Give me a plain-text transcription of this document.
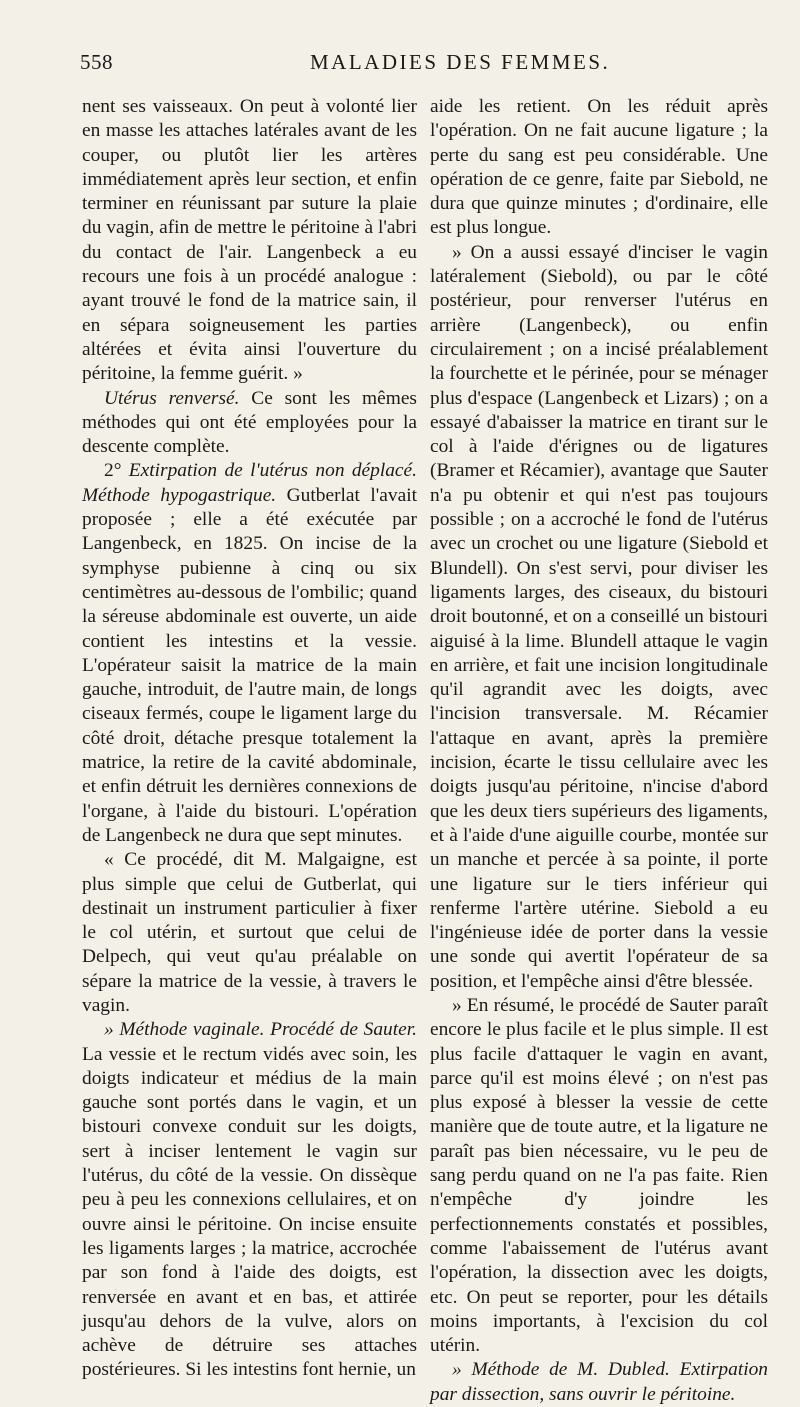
558	MALADIES DES FEMMES.

nent ses vaisseaux. On peut à volonté lier en masse les attaches latérales avant de les couper, ou plutôt lier les artères immédiatement après leur section, et enfin terminer en réunissant par suture la plaie du vagin, afin de mettre le péritoine à l'abri du contact de l'air. Langenbeck a eu recours une fois à un procédé analogue : ayant trouvé le fond de la matrice sain, il en sépara soigneusement les parties altérées et évita ainsi l'ouverture du péritoine, la femme guérit. »

Utérus renversé. Ce sont les mêmes méthodes qui ont été employées pour la descente complète.

2° Extirpation de l'utérus non déplacé. Méthode hypogastrique. Gutberlat l'avait proposée ; elle a été exécutée par Langenbeck, en 1825. On incise de la symphyse pubienne à cinq ou six centimètres au-dessous de l'ombilic; quand la séreuse abdominale est ouverte, un aide contient les intestins et la vessie. L'opérateur saisit la matrice de la main gauche, introduit, de l'autre main, de longs ciseaux fermés, coupe le ligament large du côté droit, détache presque totalement la matrice, la retire de la cavité abdominale, et enfin détruit les dernières connexions de l'organe, à l'aide du bistouri. L'opération de Langenbeck ne dura que sept minutes.

« Ce procédé, dit M. Malgaigne, est plus simple que celui de Gutberlat, qui destinait un instrument particulier à fixer le col utérin, et surtout que celui de Delpech, qui veut qu'au préalable on sépare la matrice de la vessie, à travers le vagin.

» Méthode vaginale. Procédé de Sauter. La vessie et le rectum vidés avec soin, les doigts indicateur et médius de la main gauche sont portés dans le vagin, et un bistouri convexe conduit sur les doigts, sert à inciser lentement le vagin sur l'utérus, du côté de la vessie. On dissèque peu à peu les connexions cellulaires, et on ouvre ainsi le péritoine. On incise ensuite les ligaments larges ; la matrice, accrochée par son fond à l'aide des doigts, est renversée en avant et en bas, et attirée jusqu'au dehors de la vulve, alors on achève de détruire ses attaches postérieures. Si les intestins font hernie, un

aide les retient. On les réduit après l'opération. On ne fait aucune ligature ; la perte du sang est peu considérable. Une opération de ce genre, faite par Siebold, ne dura que quinze minutes ; d'ordinaire, elle est plus longue.

» On a aussi essayé d'inciser le vagin latéralement (Siebold), ou par le côté postérieur, pour renverser l'utérus en arrière (Langenbeck), ou enfin circulairement ; on a incisé préalablement la fourchette et le périnée, pour se ménager plus d'espace (Langenbeck et Lizars) ; on a essayé d'abaisser la matrice en tirant sur le col à l'aide d'érignes ou de ligatures (Bramer et Récamier), avantage que Sauter n'a pu obtenir et qui n'est pas toujours possible ; on a accroché le fond de l'utérus avec un crochet ou une ligature (Siebold et Blundell). On s'est servi, pour diviser les ligaments larges, des ciseaux, du bistouri droit boutonné, et on a conseillé un bistouri aiguisé à la lime. Blundell attaque le vagin en arrière, et fait une incision longitudinale qu'il agrandit avec les doigts, avec l'incision transversale. M. Récamier l'attaque en avant, après la première incision, écarte le tissu cellulaire avec les doigts jusqu'au péritoine, n'incise d'abord que les deux tiers supérieurs des ligaments, et à l'aide d'une aiguille courbe, montée sur un manche et percée à sa pointe, il porte une ligature sur le tiers inférieur qui renferme l'artère utérine. Siebold a eu l'ingénieuse idée de porter dans la vessie une sonde qui avertit l'opérateur de sa position, et l'empêche ainsi d'être blessée.

» En résumé, le procédé de Sauter paraît encore le plus facile et le plus simple. Il est plus facile d'attaquer le vagin en avant, parce qu'il est moins élevé ; on n'est pas plus exposé à blesser la vessie de cette manière que de toute autre, et la ligature ne paraît pas bien nécessaire, vu le peu de sang perdu quand on ne l'a pas faite. Rien n'empêche d'y joindre les perfectionnements constatés et possibles, comme l'abaissement de l'utérus avant l'opération, la dissection avec les doigts, etc. On peut se reporter, pour les détails moins importants, à l'excision du col utérin.

» Méthode de M. Dubled. Extirpation par dissection, sans ouvrir le péritoine.
